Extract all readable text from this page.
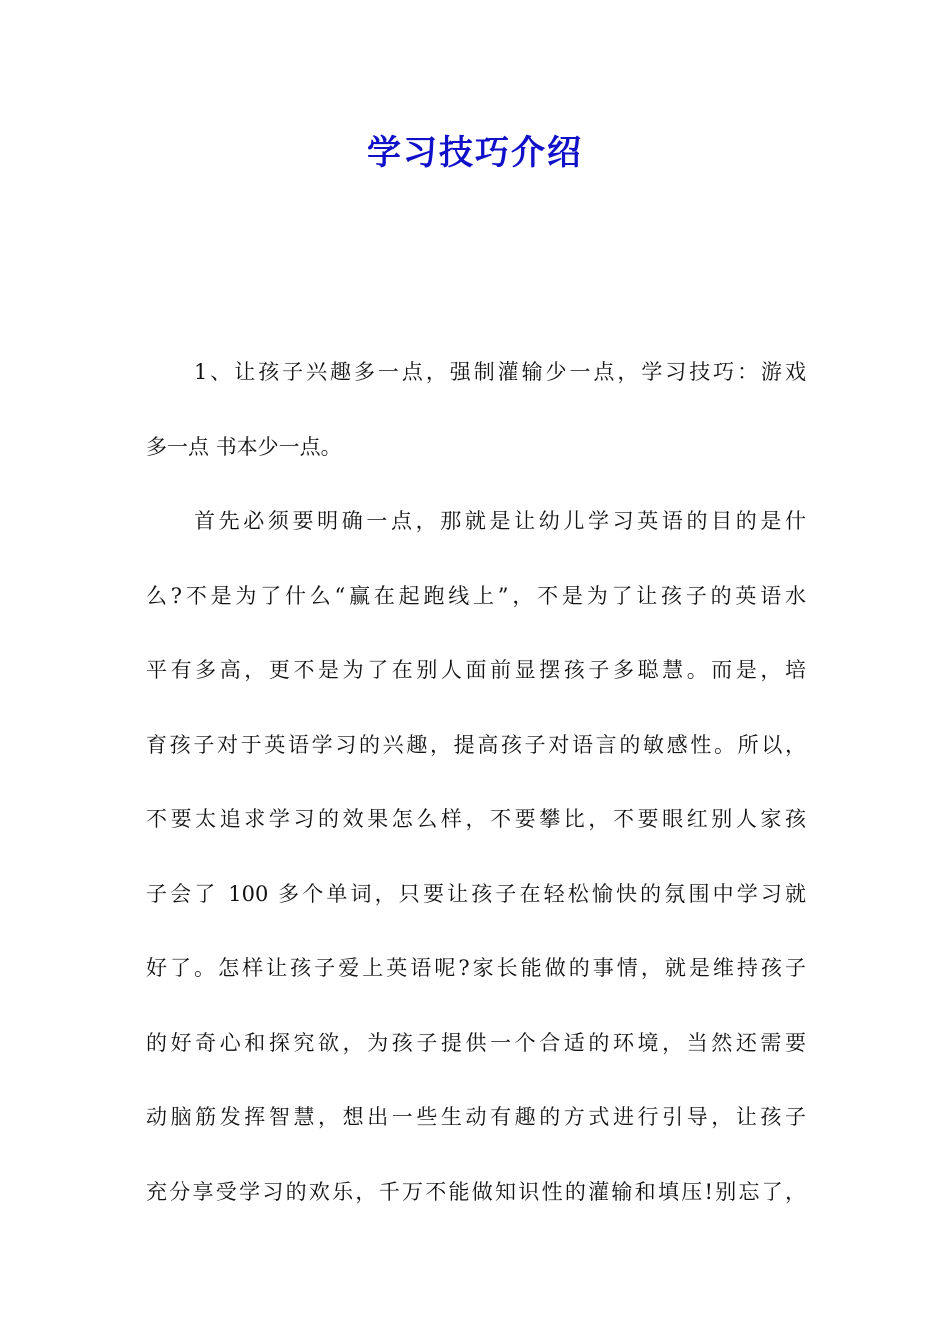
学习技巧介绍
1、让孩子兴趣多一点，强制灌输少一点，学习技巧：游戏
多一点 书本少一点。
首先必须要明确一点，那就是让幼儿学习英语的目的是什
么?不是为了什么“赢在起跑线上”，不是为了让孩子的英语水
平有多高，更不是为了在别人面前显摆孩子多聪慧。而是，培
育孩子对于英语学习的兴趣，提高孩子对语言的敏感性。所以，
不要太追求学习的效果怎么样，不要攀比，不要眼红别人家孩
子会了 100 多个单词，只要让孩子在轻松愉快的氛围中学习就
好了。怎样让孩子爱上英语呢?家长能做的事情，就是维持孩子
的好奇心和探究欲，为孩子提供一个合适的环境，当然还需要
动脑筋发挥智慧，想出一些生动有趣的方式进行引导，让孩子
充分享受学习的欢乐，千万不能做知识性的灌输和填压!别忘了，
